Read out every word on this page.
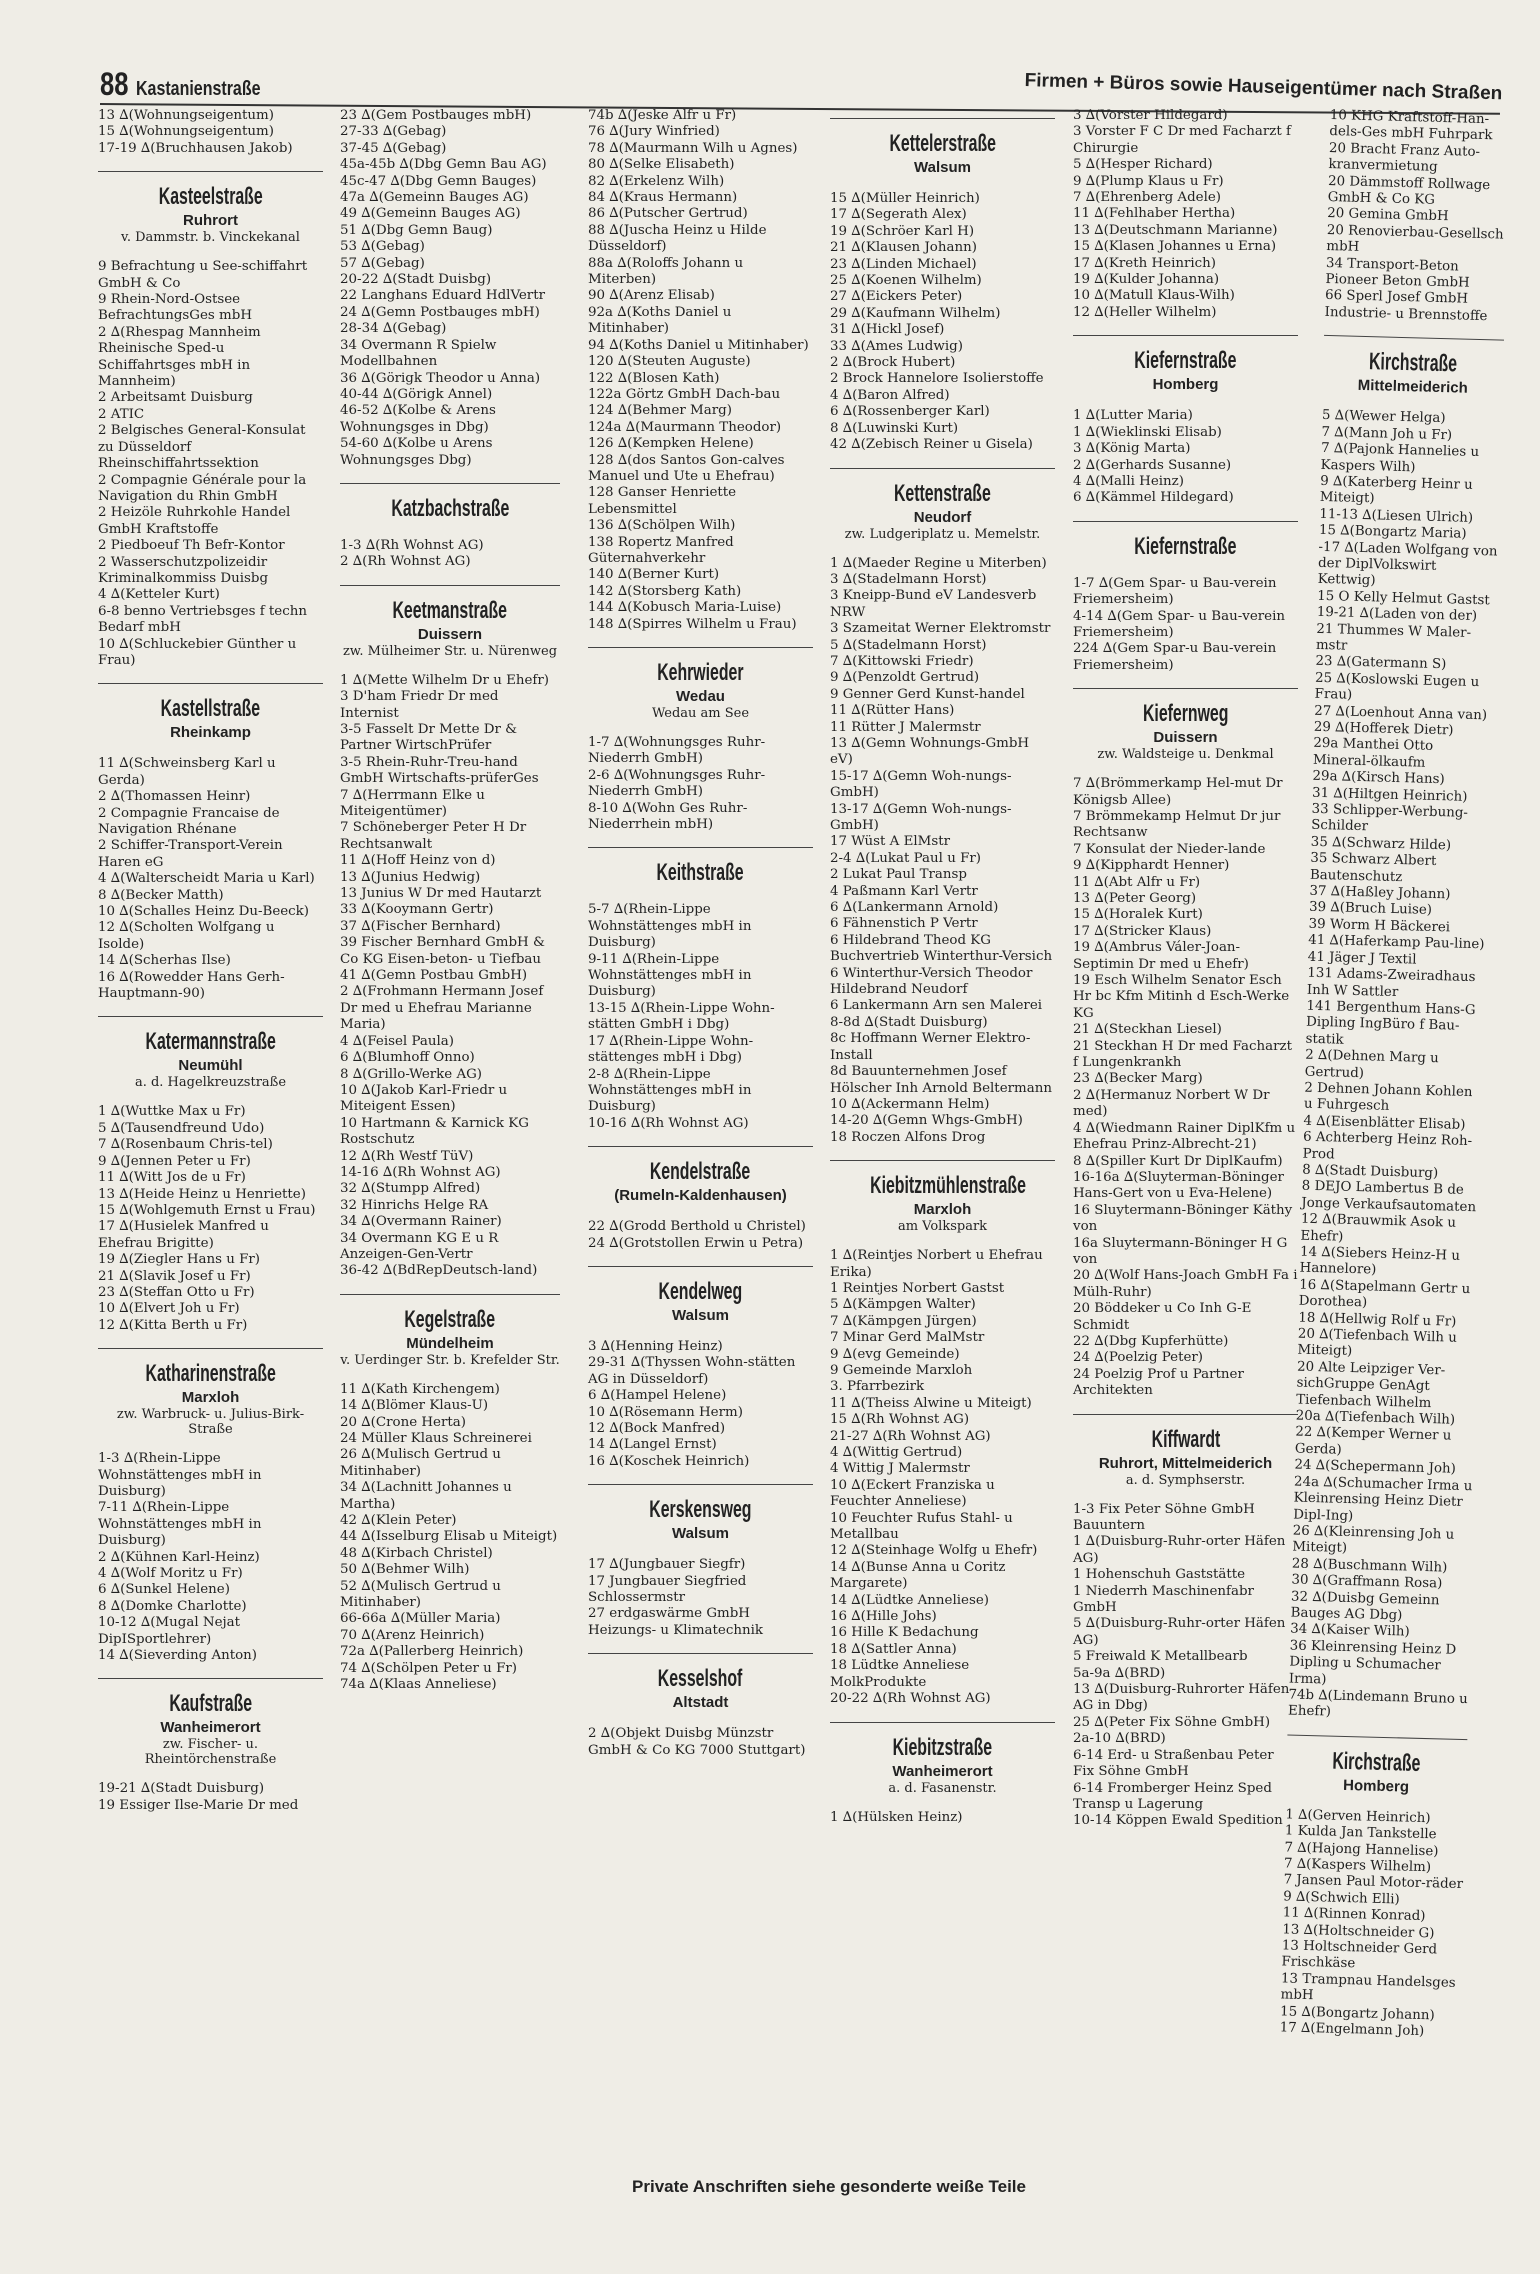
88 Kastanienstraße	Firmen + Büros sowie Hauseigentümer nach Straßen

13 ∆(Wohnungseigentum)

15 ∆(Wohnungseigentum)

17-19 ∆(Bruchhausen Jakob)

Kasteelstraße
Ruhrort
v. Dammstr. b. Vinckekanal

9 Befrachtung u See-schiffahrt GmbH & Co

9 Rhein-Nord-Ostsee BefrachtungsGes mbH

2 ∆(Rhespag Mannheim Rheinische Sped-u Schiffahrtsges mbH in Mannheim)

2 Arbeitsamt Duisburg

2 ATIC

2 Belgisches General-Konsulat zu Düsseldorf Rheinschiffahrtssektion

2 Compagnie Générale pour la Navigation du Rhin GmbH

2 Heizöle Ruhrkohle Handel GmbH Kraftstoffe

2 Piedboeuf Th Befr-Kontor

2 Wasserschutzpolizeidir Kriminalkommiss Duisbg

4 ∆(Ketteler Kurt)

6-8 benno Vertriebsges f techn Bedarf mbH

10 ∆(Schluckebier Günther u Frau)

Kastellstraße
Rheinkamp

11 ∆(Schweinsberg Karl u Gerda)

2 ∆(Thomassen Heinr)

2 Compagnie Francaise de Navigation Rhénane

2 Schiffer-Transport-Verein Haren eG

4 ∆(Walterscheidt Maria u Karl)

8 ∆(Becker Matth)

10 ∆(Schalles Heinz Du-Beeck)

12 ∆(Scholten Wolfgang u Isolde)

14 ∆(Scherhas Ilse)

16 ∆(Rowedder Hans Gerh-Hauptmann-90)

Katermannstraße
Neumühl
a. d. Hagelkreuzstraße

1 ∆(Wuttke Max u Fr)

5 ∆(Tausendfreund Udo)

7 ∆(Rosenbaum Chris-tel)

9 ∆(Jennen Peter u Fr)

11 ∆(Witt Jos de u Fr)

13 ∆(Heide Heinz u Henriette)

15 ∆(Wohlgemuth Ernst u Frau)

17 ∆(Husielek Manfred u Ehefrau Brigitte)

19 ∆(Ziegler Hans u Fr)

21 ∆(Slavik Josef u Fr)

23 ∆(Steffan Otto u Fr)

10 ∆(Elvert Joh u Fr)

12 ∆(Kitta Berth u Fr)

Katharinenstraße
Marxloh
zw. Warbruck- u. Julius-Birk-Straße

1-3 ∆(Rhein-Lippe Wohnstättenges mbH in Duisburg)

7-11 ∆(Rhein-Lippe Wohnstättenges mbH in Duisburg)

2 ∆(Kühnen Karl-Heinz)

4 ∆(Wolf Moritz u Fr)

6 ∆(Sunkel Helene)

8 ∆(Domke Charlotte)

10-12 ∆(Mugal Nejat DipISportlehrer)

14 ∆(Sieverding Anton)

Kaufstraße
Wanheimerort
zw. Fischer- u. Rheintörchenstraße

19-21 ∆(Stadt Duisburg)

19 Essiger Ilse-Marie Dr med

23 ∆(Gem Postbauges mbH)

27-33 ∆(Gebag)

37-45 ∆(Gebag)

45a-45b ∆(Dbg Gemn Bau AG)

45c-47 ∆(Dbg Gemn Bauges)

47a ∆(Gemeinn Bauges AG)

49 ∆(Gemeinn Bauges AG)

51 ∆(Dbg Gemn Baug)

53 ∆(Gebag)

57 ∆(Gebag)

20-22 ∆(Stadt Duisbg)

22 Langhans Eduard HdlVertr

24 ∆(Gemn Postbauges mbH)

28-34 ∆(Gebag)

34 Overmann R Spielw Modellbahnen

36 ∆(Görigk Theodor u Anna)

40-44 ∆(Görigk Annel)

46-52 ∆(Kolbe & Arens Wohnungsges in Dbg)

54-60 ∆(Kolbe u Arens Wohnungsges Dbg)

Katzbachstraße

1-3 ∆(Rh Wohnst AG)

2 ∆(Rh Wohnst AG)

Keetmanstraße
Duissern
zw. Mülheimer Str. u. Nürenweg

1 ∆(Mette Wilhelm Dr u Ehefr)

3 D'ham Friedr Dr med Internist

3-5 Fasselt Dr Mette Dr & Partner WirtschPrüfer

3-5 Rhein-Ruhr-Treu-hand GmbH Wirtschafts-prüferGes

7 ∆(Herrmann Elke u Miteigentümer)

7 Schöneberger Peter H Dr Rechtsanwalt

11 ∆(Hoff Heinz von d)

13 ∆(Junius Hedwig)

13 Junius W Dr med Hautarzt

33 ∆(Kooymann Gertr)

37 ∆(Fischer Bernhard)

39 Fischer Bernhard GmbH & Co KG Eisen-beton- u Tiefbau

41 ∆(Gemn Postbau GmbH)

2 ∆(Frohmann Hermann Josef Dr med u Ehefrau Marianne Maria)

4 ∆(Feisel Paula)

6 ∆(Blumhoff Onno)

8 ∆(Grillo-Werke AG)

10 ∆(Jakob Karl-Friedr u Miteigent Essen)

10 Hartmann & Karnick KG Rostschutz

12 ∆(Rh Westf TüV)

14-16 ∆(Rh Wohnst AG)

32 ∆(Stumpp Alfred)

32 Hinrichs Helge RA

34 ∆(Overmann Rainer)

34 Overmann KG E u R Anzeigen-Gen-Vertr

36-42 ∆(BdRepDeutsch-land)

Kegelstraße
Mündelheim
v. Uerdinger Str. b. Krefelder Str.

11 ∆(Kath Kirchengem)

14 ∆(Blömer Klaus-U)

20 ∆(Crone Herta)

24 Müller Klaus Schreinerei

26 ∆(Mulisch Gertrud u Mitinhaber)

34 ∆(Lachnitt Johannes u Martha)

42 ∆(Klein Peter)

44 ∆(Isselburg Elisab u Miteigt)

48 ∆(Kirbach Christel)

50 ∆(Behmer Wilh)

52 ∆(Mulisch Gertrud u Mitinhaber)

66-66a ∆(Müller Maria)

70 ∆(Arenz Heinrich)

72a ∆(Pallerberg Heinrich)

74 ∆(Schölpen Peter u Fr)

74a ∆(Klaas Anneliese)

74b ∆(Jeske Alfr u Fr)

76 ∆(Jury Winfried)

78 ∆(Maurmann Wilh u Agnes)

80 ∆(Selke Elisabeth)

82 ∆(Erkelenz Wilh)

84 ∆(Kraus Hermann)

86 ∆(Putscher Gertrud)

88 ∆(Juscha Heinz u Hilde Düsseldorf)

88a ∆(Roloffs Johann u Miterben)

90 ∆(Arenz Elisab)

92a ∆(Koths Daniel u Mitinhaber)

94 ∆(Koths Daniel u Mitinhaber)

120 ∆(Steuten Auguste)

122 ∆(Blosen Kath)

122a Görtz GmbH Dach-bau

124 ∆(Behmer Marg)

124a ∆(Maurmann Theodor)

126 ∆(Kempken Helene)

128 ∆(dos Santos Gon-calves Manuel und Ute u Ehefrau)

128 Ganser Henriette Lebensmittel

136 ∆(Schölpen Wilh)

138 Ropertz Manfred Güternahverkehr

140 ∆(Berner Kurt)

142 ∆(Storsberg Kath)

144 ∆(Kobusch Maria-Luise)

148 ∆(Spirres Wilhelm u Frau)

Kehrwieder
Wedau
Wedau am See

1-7 ∆(Wohnungsges Ruhr-Niederrh GmbH)

2-6 ∆(Wohnungsges Ruhr-Niederrh GmbH)

8-10 ∆(Wohn Ges Ruhr-Niederrhein mbH)

Keithstraße

5-7 ∆(Rhein-Lippe Wohnstättenges mbH in Duisburg)

9-11 ∆(Rhein-Lippe Wohnstättenges mbH in Duisburg)

13-15 ∆(Rhein-Lippe Wohn-stätten GmbH i Dbg)

17 ∆(Rhein-Lippe Wohn-stättenges mbH i Dbg)

2-8 ∆(Rhein-Lippe Wohnstättenges mbH in Duisburg)

10-16 ∆(Rh Wohnst AG)

Kendelstraße
(Rumeln-Kaldenhausen)

22 ∆(Grodd Berthold u Christel)

24 ∆(Grotstollen Erwin u Petra)

Kendelweg
Walsum

3 ∆(Henning Heinz)

29-31 ∆(Thyssen Wohn-stätten AG in Düsseldorf)

6 ∆(Hampel Helene)

10 ∆(Rösemann Herm)

12 ∆(Bock Manfred)

14 ∆(Langel Ernst)

16 ∆(Koschek Heinrich)

Kerskensweg
Walsum

17 ∆(Jungbauer Siegfr)

17 Jungbauer Siegfried Schlossermstr

27 erdgaswärme GmbH Heizungs- u Klimatechnik

Kesselshof
Altstadt

2 ∆(Objekt Duisbg Münzstr GmbH & Co KG 7000 Stuttgart)

Kettelerstraße
Walsum

15 ∆(Müller Heinrich)

17 ∆(Segerath Alex)

19 ∆(Schröer Karl H)

21 ∆(Klausen Johann)

23 ∆(Linden Michael)

25 ∆(Koenen Wilhelm)

27 ∆(Eickers Peter)

29 ∆(Kaufmann Wilhelm)

31 ∆(Hickl Josef)

33 ∆(Ames Ludwig)

2 ∆(Brock Hubert)

2 Brock Hannelore Isolierstoffe

4 ∆(Baron Alfred)

6 ∆(Rossenberger Karl)

8 ∆(Luwinski Kurt)

42 ∆(Zebisch Reiner u Gisela)

Kettenstraße
Neudorf
zw. Ludgeriplatz u. Memelstr.

1 ∆(Maeder Regine u Miterben)

3 ∆(Stadelmann Horst)

3 Kneipp-Bund eV Landesverb NRW

3 Szameitat Werner Elektromstr

5 ∆(Stadelmann Horst)

7 ∆(Kittowski Friedr)

9 ∆(Penzoldt Gertrud)

9 Genner Gerd Kunst-handel

11 ∆(Rütter Hans)

11 Rütter J Malermstr

13 ∆(Gemn Wohnungs-GmbH eV)

15-17 ∆(Gemn Woh-nungs-GmbH)

13-17 ∆(Gemn Woh-nungs-GmbH)

17 Wüst A ElMstr

2-4 ∆(Lukat Paul u Fr)

2 Lukat Paul Transp

4 Paßmann Karl Vertr

6 ∆(Lankermann Arnold)

6 Fähnenstich P Vertr

6 Hildebrand Theod KG Buchvertrieb Winterthur-Versich

6 Winterthur-Versich Theodor Hildebrand Neudorf

6 Lankermann Arn sen Malerei

8-8d ∆(Stadt Duisburg)

8c Hoffmann Werner Elektro-Install

8d Bauunternehmen Josef Hölscher Inh Arnold Beltermann

10 ∆(Ackermann Helm)

14-20 ∆(Gemn Whgs-GmbH)

18 Roczen Alfons Drog

Kiebitzmühlenstraße
Marxloh
am Volkspark

1 ∆(Reintjes Norbert u Ehefrau Erika)

1 Reintjes Norbert Gastst

5 ∆(Kämpgen Walter)

7 ∆(Kämpgen Jürgen)

7 Minar Gerd MalMstr

9 ∆(evg Gemeinde)

9 Gemeinde Marxloh

3. Pfarrbezirk

11 ∆(Theiss Alwine u Miteigt)

15 ∆(Rh Wohnst AG)

21-27 ∆(Rh Wohnst AG)

4 ∆(Wittig Gertrud)

4 Wittig J Malermstr

10 ∆(Eckert Franziska u Feuchter Anneliese)

10 Feuchter Rufus Stahl- u Metallbau

12 ∆(Steinhage Wolfg u Ehefr)

14 ∆(Bunse Anna u Coritz Margarete)

14 ∆(Lüdtke Anneliese)

16 ∆(Hille Johs)

16 Hille K Bedachung

18 ∆(Sattler Anna)

18 Lüdtke Anneliese MolkProdukte

20-22 ∆(Rh Wohnst AG)

Kiebitzstraße
Wanheimerort
a. d. Fasanenstr.

1 ∆(Hülsken Heinz)

3 ∆(Vorster Hildegard)

3 Vorster F C Dr med Facharzt f Chirurgie

5 ∆(Hesper Richard)

9 ∆(Plump Klaus u Fr)

7 ∆(Ehrenberg Adele)

11 ∆(Fehlhaber Hertha)

13 ∆(Deutschmann Marianne)

15 ∆(Klasen Johannes u Erna)

17 ∆(Kreth Heinrich)

19 ∆(Kulder Johanna)

10 ∆(Matull Klaus-Wilh)

12 ∆(Heller Wilhelm)

Kiefernstraße
Homberg

1 ∆(Lutter Maria)

1 ∆(Wieklinski Elisab)

3 ∆(König Marta)

2 ∆(Gerhards Susanne)

4 ∆(Malli Heinz)

6 ∆(Kämmel Hildegard)

Kiefernstraße

1-7 ∆(Gem Spar- u Bau-verein Friemersheim)

4-14 ∆(Gem Spar- u Bau-verein Friemersheim)

224 ∆(Gem Spar-u Bau-verein Friemersheim)

Kiefernweg
Duissern
zw. Waldsteige u. Denkmal

7 ∆(Brömmerkamp Hel-mut Dr Königsb Allee)

7 Brömmekamp Helmut Dr jur Rechtsanw

7 Konsulat der Nieder-lande

9 ∆(Kipphardt Henner)

11 ∆(Abt Alfr u Fr)

13 ∆(Peter Georg)

15 ∆(Horalek Kurt)

17 ∆(Stricker Klaus)

19 ∆(Ambrus Váler-Joan-Septimin Dr med u Ehefr)

19 Esch Wilhelm Senator Esch Hr bc Kfm Mitinh d Esch-Werke KG

21 ∆(Steckhan Liesel)

21 Steckhan H Dr med Facharzt f Lungenkrankh

23 ∆(Becker Marg)

2 ∆(Hermanuz Norbert W Dr med)

4 ∆(Wiedmann Rainer DiplKfm u Ehefrau Prinz-Albrecht-21)

8 ∆(Spiller Kurt Dr DiplKaufm)

16-16a ∆(Sluyterman-Böninger Hans-Gert von u Eva-Helene)

16 Sluytermann-Böninger Käthy von

16a Sluytermann-Böninger H G von

20 ∆(Wolf Hans-Joach GmbH Fa i Mülh-Ruhr)

20 Böddeker u Co Inh G-E Schmidt

22 ∆(Dbg Kupferhütte)

24 ∆(Poelzig Peter)

24 Poelzig Prof u Partner Architekten

Kiffwardt
Ruhrort, Mittelmeiderich
a. d. Symphserstr.

1-3 Fix Peter Söhne GmbH Bauuntern

1 ∆(Duisburg-Ruhr-orter Häfen AG)

1 Hohenschuh Gaststätte

1 Niederrh Maschinenfabr GmbH

5 ∆(Duisburg-Ruhr-orter Häfen AG)

5 Freiwald K Metallbearb

5a-9a ∆(BRD)

13 ∆(Duisburg-Ruhrorter Häfen AG in Dbg)

25 ∆(Peter Fix Söhne GmbH)

2a-10 ∆(BRD)

6-14 Erd- u Straßenbau Peter Fix Söhne GmbH

6-14 Fromberger Heinz Sped Transp u Lagerung

10-14 Köppen Ewald Spedition

10 KHG Kraftstoff-Han-dels-Ges mbH Fuhrpark

20 Bracht Franz Auto-kranvermietung

20 Dämmstoff Rollwage GmbH & Co KG

20 Gemina GmbH

20 Renovierbau-Gesellsch mbH

34 Transport-Beton Pioneer Beton GmbH

66 Sperl Josef GmbH Industrie- u Brennstoffe

Kirchstraße
Mittelmeiderich

5 ∆(Wewer Helga)

7 ∆(Mann Joh u Fr)

7 ∆(Pajonk Hannelies u Kaspers Wilh)

9 ∆(Katerberg Heinr u Miteigt)

11-13 ∆(Liesen Ulrich)

15 ∆(Bongartz Maria)

-17 ∆(Laden Wolfgang von der DiplVolkswirt Kettwig)

15 O Kelly Helmut Gastst

19-21 ∆(Laden von der)

21 Thummes W Maler-mstr

23 ∆(Gatermann S)

25 ∆(Koslowski Eugen u Frau)

27 ∆(Loenhout Anna van)

29 ∆(Hofferek Dietr)

29a Manthei Otto Mineral-ölkaufm

29a ∆(Kirsch Hans)

31 ∆(Hiltgen Heinrich)

33 Schlipper-Werbung-Schilder

35 ∆(Schwarz Hilde)

35 Schwarz Albert Bautenschutz

37 ∆(Haßley Johann)

39 ∆(Bruch Luise)

39 Worm H Bäckerei

41 ∆(Haferkamp Pau-line)

41 Jäger J Textil

131 Adams-Zweiradhaus Inh W Sattler

141 Bergenthum Hans-G Dipling IngBüro f Bau-statik

2 ∆(Dehnen Marg u Gertrud)

2 Dehnen Johann Kohlen u Fuhrgesch

4 ∆(Eisenblätter Elisab)

6 Achterberg Heinz Roh-Prod

8 ∆(Stadt Duisburg)

8 DEJO Lambertus B de Jonge Verkaufsautomaten

12 ∆(Brauwmik Asok u Ehefr)

14 ∆(Siebers Heinz-H u Hannelore)

16 ∆(Stapelmann Gertr u Dorothea)

18 ∆(Hellwig Rolf u Fr)

20 ∆(Tiefenbach Wilh u Miteigt)

20 Alte Leipziger Ver-sichGruppe GenAgt Tiefenbach Wilhelm

20a ∆(Tiefenbach Wilh)

22 ∆(Kemper Werner u Gerda)

24 ∆(Schepermann Joh)

24a ∆(Schumacher Irma u Kleinrensing Heinz Dietr Dipl-Ing)

26 ∆(Kleinrensing Joh u Miteigt)

28 ∆(Buschmann Wilh)

30 ∆(Graffmann Rosa)

32 ∆(Duisbg Gemeinn Bauges AG Dbg)

34 ∆(Kaiser Wilh)

36 Kleinrensing Heinz D Dipling u Schumacher Irma)

74b ∆(Lindemann Bruno u Ehefr)

Kirchstraße
Homberg

1 ∆(Gerven Heinrich)

1 Kulda Jan Tankstelle

7 ∆(Hajong Hannelise)

7 ∆(Kaspers Wilhelm)

7 Jansen Paul Motor-räder

9 ∆(Schwich Elli)

11 ∆(Rinnen Konrad)

13 ∆(Holtschneider G)

13 Holtschneider Gerd Frischkäse

13 Trampnau Handelsges mbH

15 ∆(Bongartz Johann)

17 ∆(Engelmann Joh)

Private Anschriften siehe gesonderte weiße Teile
